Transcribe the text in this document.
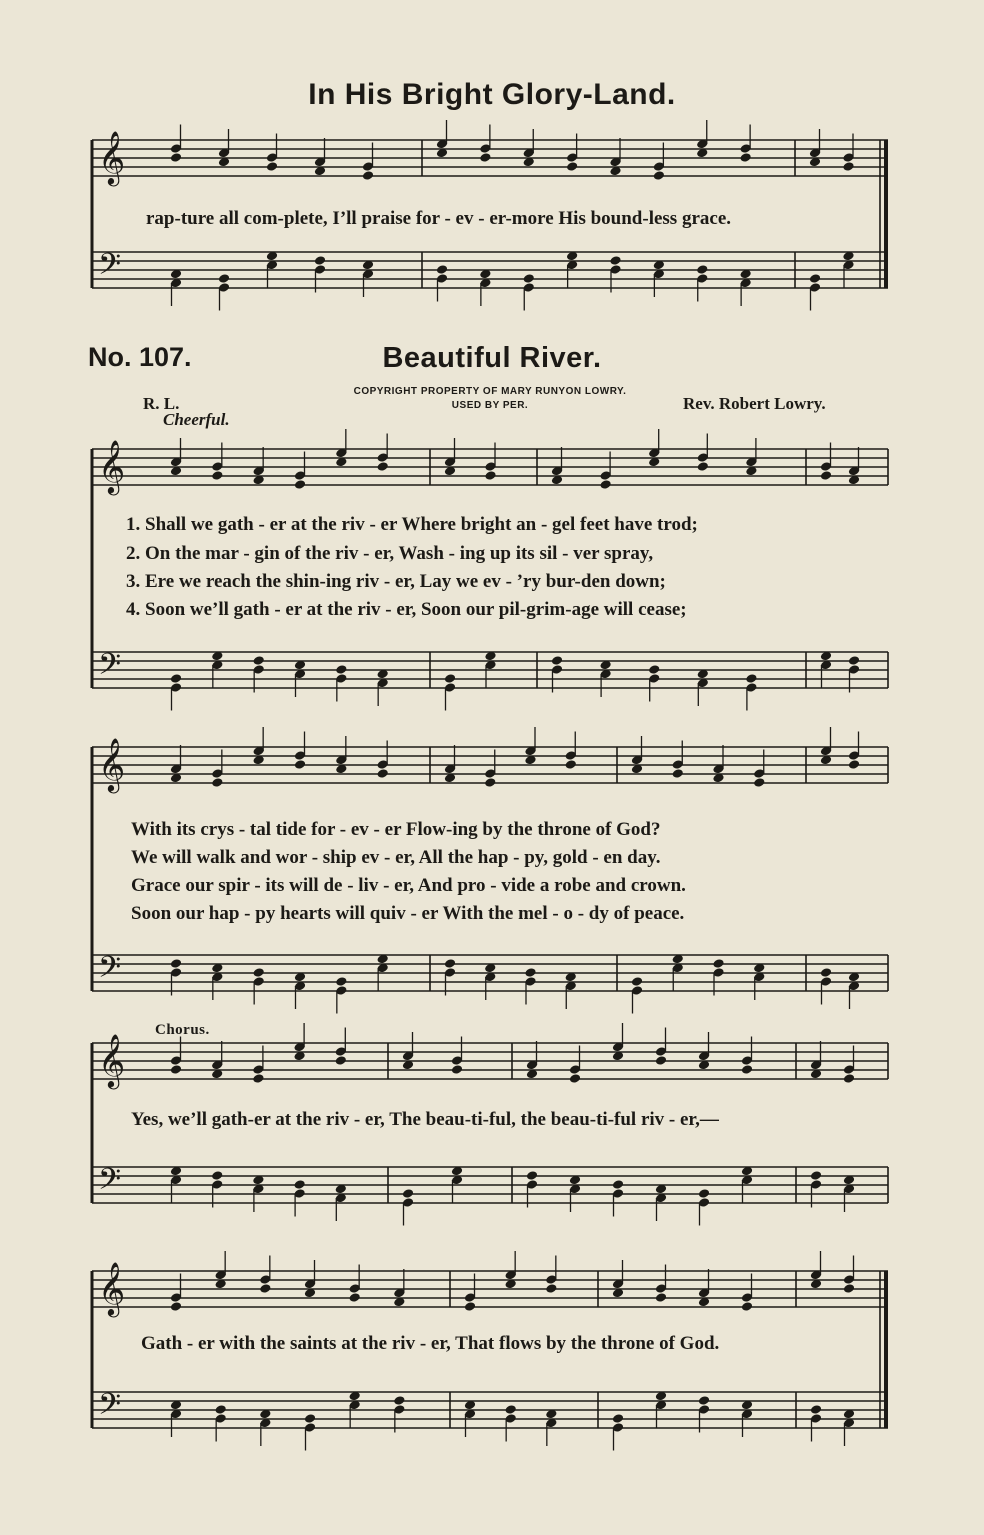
In His Bright Glory-Land.
rap-ture all com-plete, I’ll praise for - ev - er-more His bound-less grace.
No. 107.	Beautiful River.
COPYRIGHT PROPERTY OF MARY RUNYON LOWRY.
USED BY PER.
R. L.	Rev. Robert Lowry.
Cheerful.
1. Shall we gath - er at the riv - er Where bright an - gel feet have trod;
2. On the mar - gin of the riv - er, Wash - ing up its sil - ver spray,
3. Ere we reach the shin-ing riv - er, Lay we ev - ’ry bur-den down;
4. Soon we’ll gath - er at the riv - er, Soon our pil-grim-age will cease;
With its crys - tal tide for - ev - er Flow-ing by the throne of God?
We will walk and wor - ship ev - er, All the hap - py, gold - en day.
Grace our spir - its will de - liv - er, And pro - vide a robe and crown.
Soon our hap - py hearts will quiv - er With the mel - o - dy of peace.
Chorus.
Yes, we’ll gath-er at the riv - er, The beau-ti-ful, the beau-ti-ful riv - er,—
Gath - er with the saints at the riv - er, That flows by the throne of God.
𝄞
𝄢
𝄞
𝄢
𝄞
𝄢
𝄞
𝄢
𝄞
𝄢
